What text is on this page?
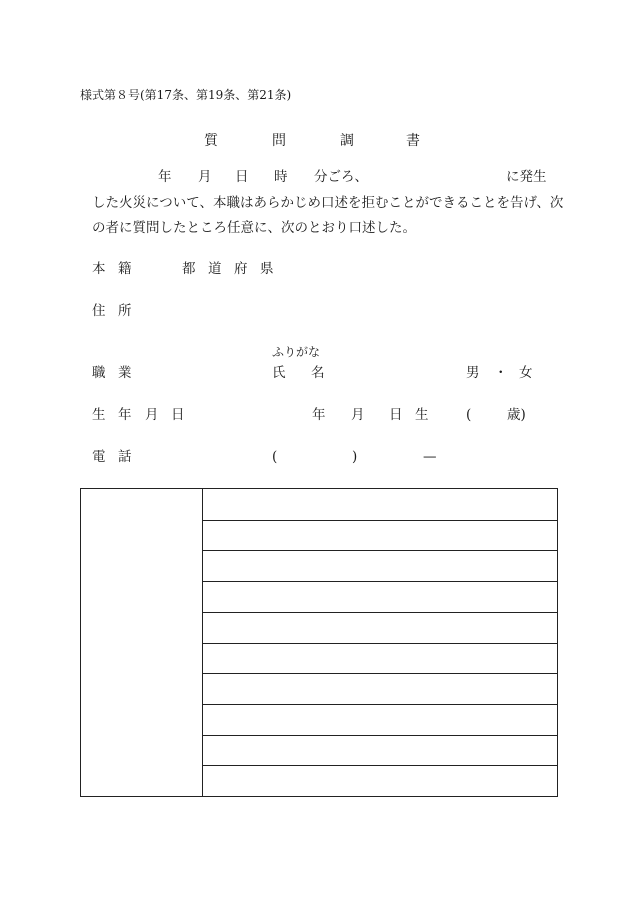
様式第８号(第17条、第19条、第21条)
質	問	調	書
年 月 日 時 分ごろ、	に発生
した火災について、本職はあらかじめ口述を拒むことができることを告げ、次
の者に質問したところ任意に、次のとおり口述した。
本 籍	都 道 府 県
住 所
ふりがな
職 業	氏 名	男 ・ 女
生 年 月 日	年 月 日 生	(	歳)
電 話	(	)	—
